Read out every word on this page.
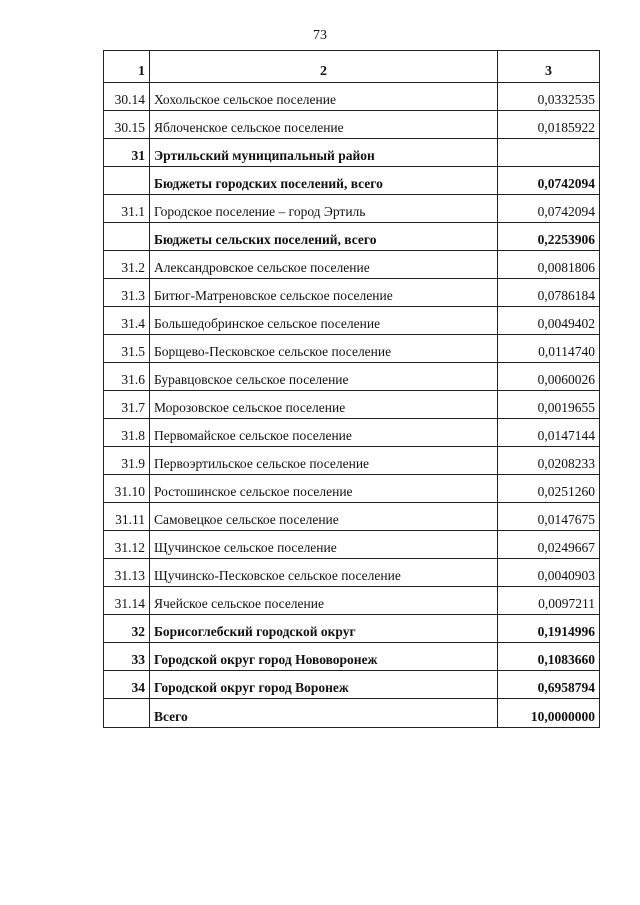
73
1	2	3
30.14	Хохольское сельское поселение	0,0332535
30.15	Яблоченское сельское поселение	0,0185922
31	Эртильский муниципальный район	
	Бюджеты городских поселений, всего	0,0742094
31.1	Городское поселение – город Эртиль	0,0742094
	Бюджеты сельских поселений, всего	0,2253906
31.2	Александровское сельское поселение	0,0081806
31.3	Битюг-Матреновское сельское поселение	0,0786184
31.4	Большедобринское сельское поселение	0,0049402
31.5	Борщево-Песковское сельское поселение	0,0114740
31.6	Буравцовское сельское поселение	0,0060026
31.7	Морозовское сельское поселение	0,0019655
31.8	Первомайское сельское поселение	0,0147144
31.9	Первоэртильское сельское поселение	0,0208233
31.10	Ростошинское сельское поселение	0,0251260
31.11	Самовецкое сельское поселение	0,0147675
31.12	Щучинское сельское поселение	0,0249667
31.13	Щучинско-Песковское сельское поселение	0,0040903
31.14	Ячейское сельское поселение	0,0097211
32	Борисоглебский городской округ	0,1914996
33	Городской округ город Нововоронеж	0,1083660
34	Городской округ город Воронеж	0,6958794
	Всего	10,0000000
